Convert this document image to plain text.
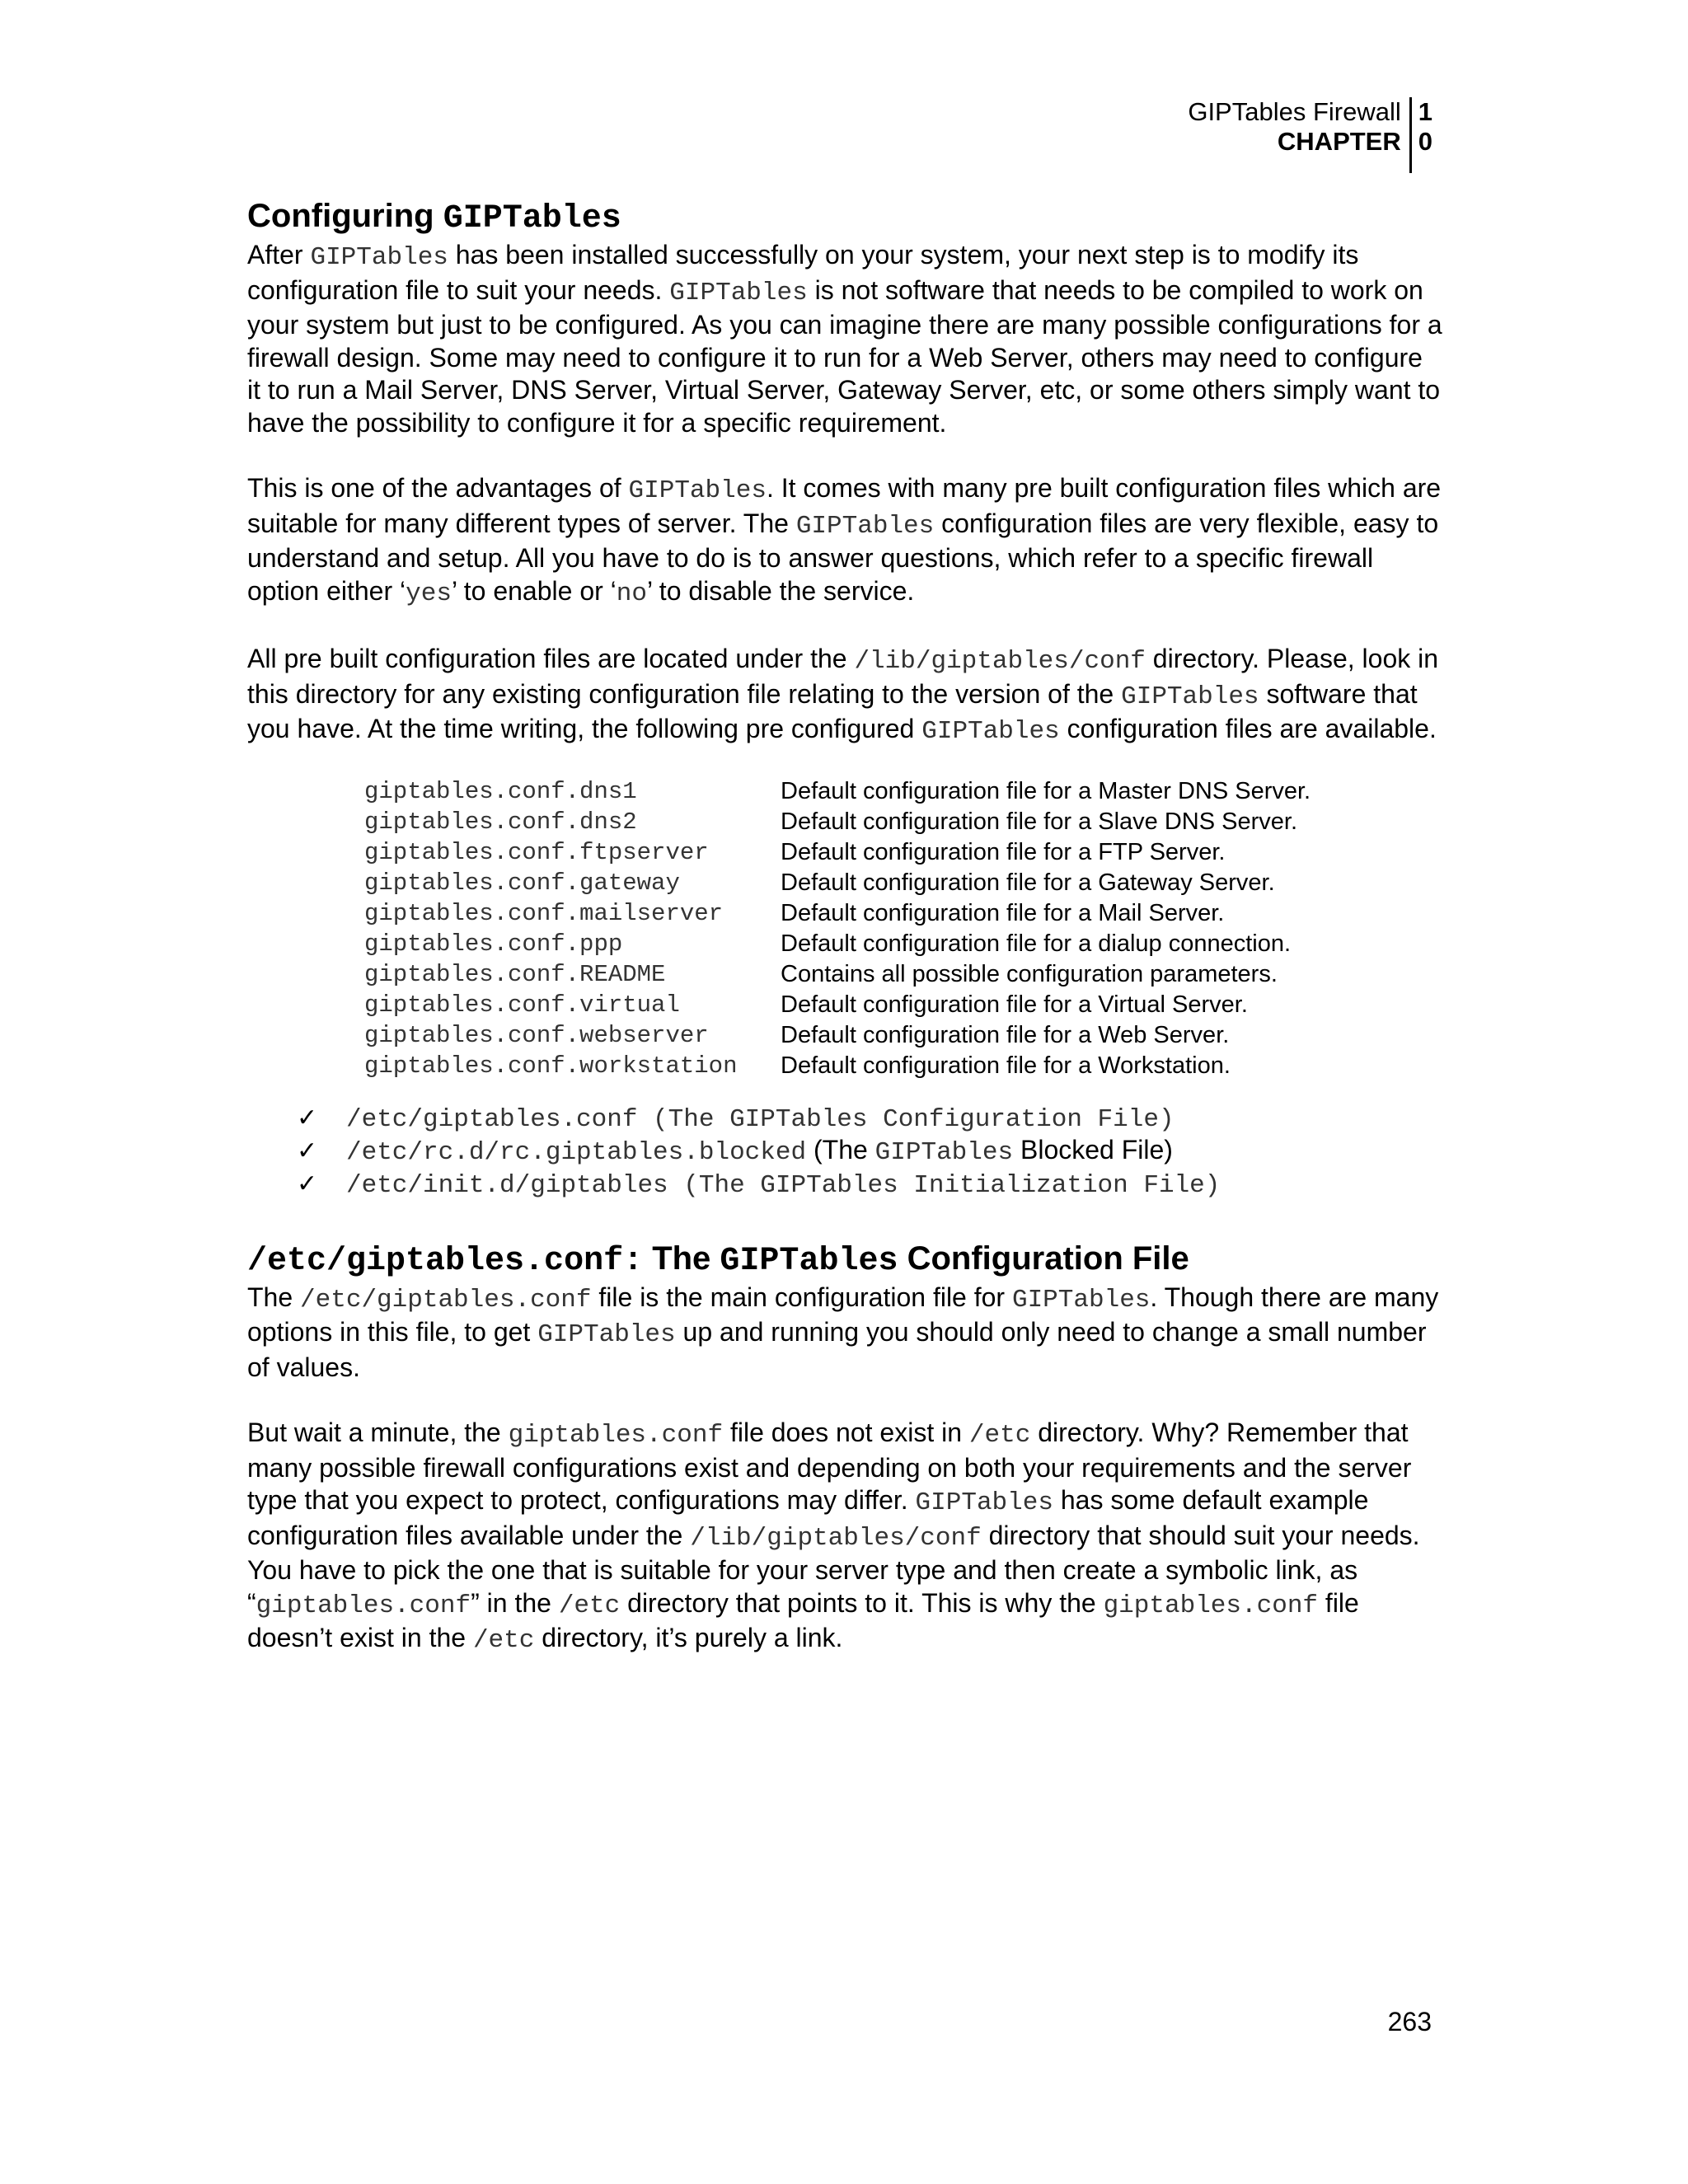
GIPTables Firewall
CHAPTER
1
0
Configuring GIPTables
After GIPTables has been installed successfully on your system, your next step is to modify its configuration file to suit your needs. GIPTables is not software that needs to be compiled to work on your system but just to be configured. As you can imagine there are many possible configurations for a firewall design. Some may need to configure it to run for a Web Server, others may need to configure it to run a Mail Server, DNS Server, Virtual Server, Gateway Server, etc, or some others simply want to have the possibility to configure it for a specific requirement.
This is one of the advantages of GIPTables. It comes with many pre built configuration files which are suitable for many different types of server. The GIPTables configuration files are very flexible, easy to understand and setup. All you have to do is to answer questions, which refer to a specific firewall option either ‘yes’ to enable or ‘no’ to disable the service.
All pre built configuration files are located under the /lib/giptables/conf directory. Please, look in this directory for any existing configuration file relating to the version of the GIPTables software that you have. At the time writing, the following pre configured GIPTables configuration files are available.
giptables.conf.dns1	Default configuration file for a Master DNS Server.
giptables.conf.dns2	Default configuration file for a Slave DNS Server.
giptables.conf.ftpserver	Default configuration file for a FTP Server.
giptables.conf.gateway	Default configuration file for a Gateway Server.
giptables.conf.mailserver	Default configuration file for a Mail Server.
giptables.conf.ppp	Default configuration file for a dialup connection.
giptables.conf.README	Contains all possible configuration parameters.
giptables.conf.virtual	Default configuration file for a Virtual Server.
giptables.conf.webserver	Default configuration file for a Web Server.
giptables.conf.workstation	Default configuration file for a Workstation.
✓	/etc/giptables.conf (The GIPTables Configuration File)
✓	/etc/rc.d/rc.giptables.blocked (The GIPTables Blocked File)
✓	/etc/init.d/giptables (The GIPTables Initialization File)
/etc/giptables.conf: The GIPTables Configuration File
The /etc/giptables.conf file is the main configuration file for GIPTables. Though there are many options in this file, to get GIPTables up and running you should only need to change a small number of values.
But wait a minute, the giptables.conf file does not exist in /etc directory. Why? Remember that many possible firewall configurations exist and depending on both your requirements and the server type that you expect to protect, configurations may differ. GIPTables has some default example configuration files available under the /lib/giptables/conf directory that should suit your needs. You have to pick the one that is suitable for your server type and then create a symbolic link, as “giptables.conf” in the /etc directory that points to it. This is why the giptables.conf file doesn’t exist in the /etc directory, it’s purely a link.
263
